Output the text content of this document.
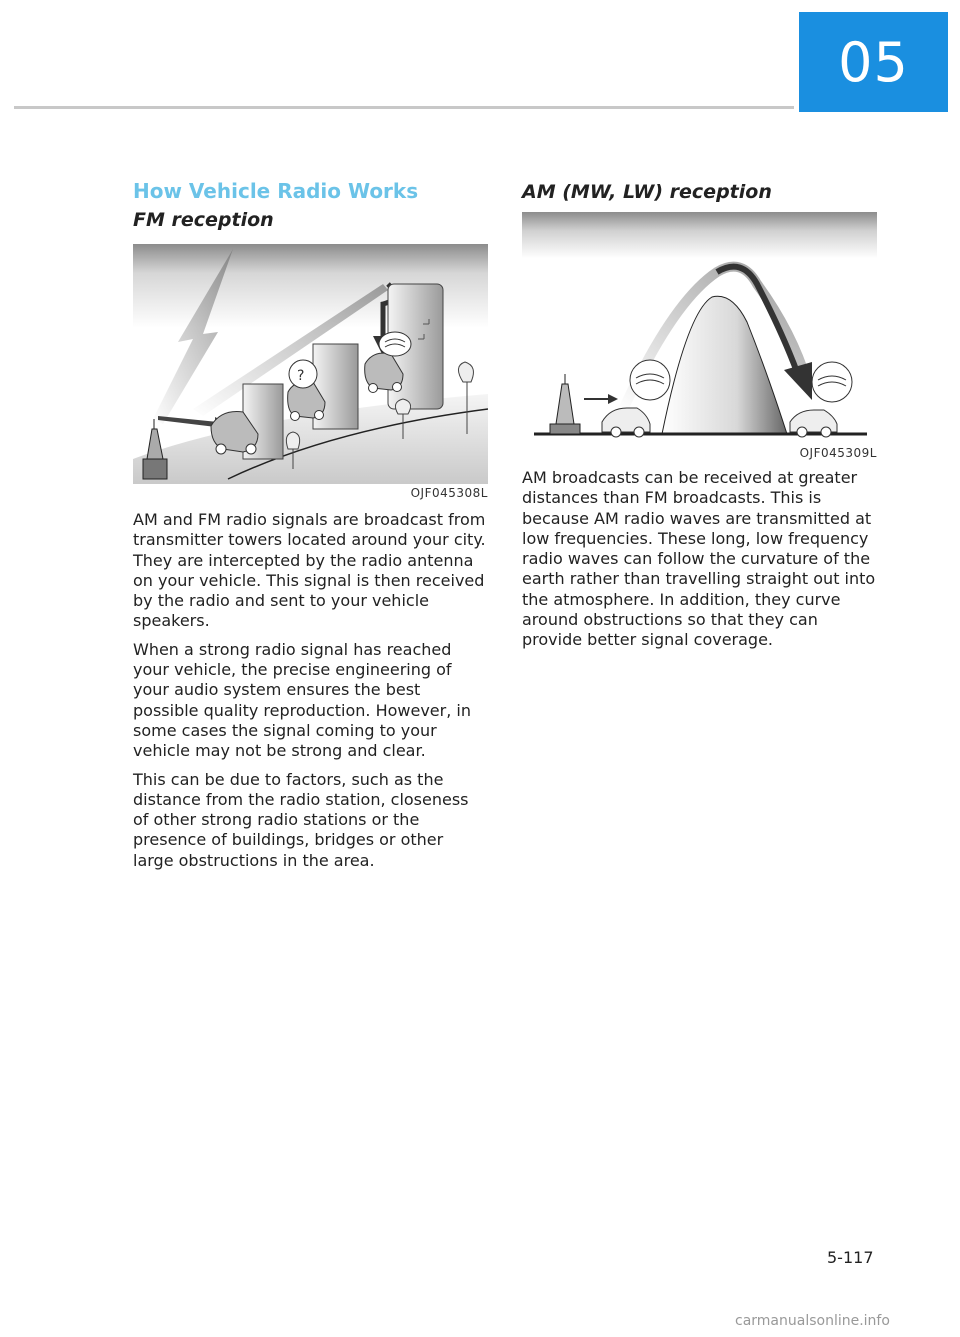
05
How Vehicle Radio Works
FM reception
?
OJF045308L

AM and FM radio signals are broadcast from transmitter towers located around your city. They are intercepted by the radio antenna on your vehicle. This signal is then received by the radio and sent to your vehicle speakers.

When a strong radio signal has reached your vehicle, the precise engineering of your audio system ensures the best possible quality reproduction. However, in some cases the signal coming to your vehicle may not be strong and clear.

This can be due to factors, such as the distance from the radio station, closeness of other strong radio stations or the presence of buildings, bridges or other large obstructions in the area.

AM (MW, LW) reception
OJF045309L

AM broadcasts can be received at greater distances than FM broadcasts. This is because AM radio waves are transmitted at low frequencies. These long, low frequency radio waves can follow the curvature of the earth rather than travelling straight out into the atmosphere. In addition, they curve around obstructions so that they can provide better signal coverage.

5-117
carmanualsonline.info
